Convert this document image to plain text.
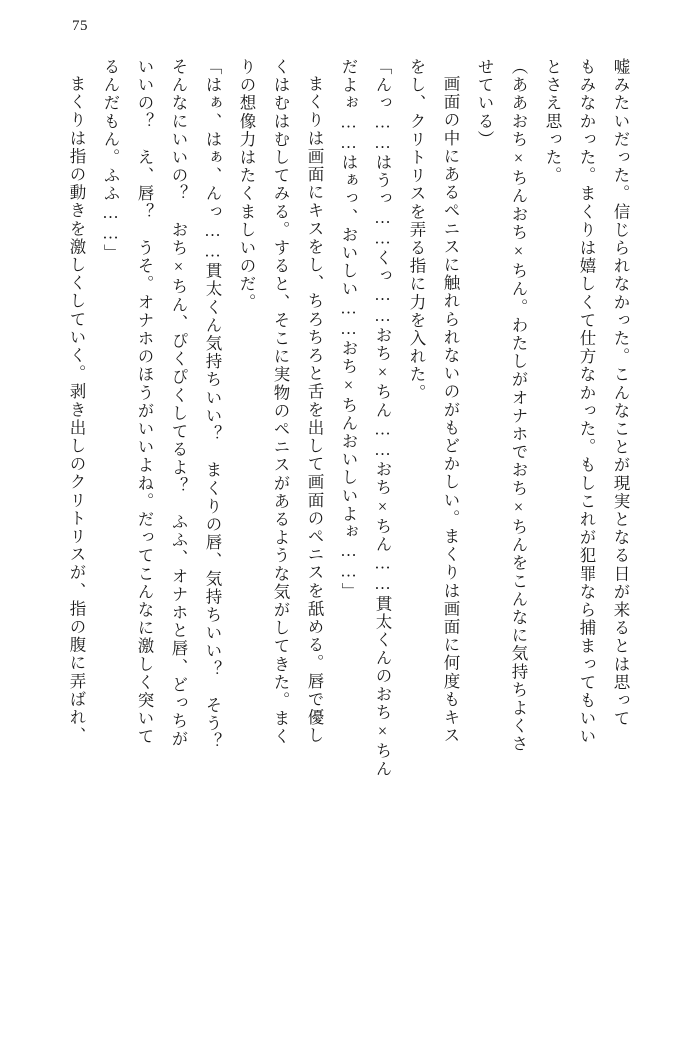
75
嘘みたいだった。信じられなかった。こんなことが現実となる日が来るとは思って
もみなかった。まくりは嬉しくて仕方なかった。もしこれが犯罪なら捕まってもいい
とさえ思った。
（ああおち×ちんおち×ちん。わたしがオナホでおち×ちんをこんなに気持ちよくさ
せている）
画面の中にあるペニスに触れられないのがもどかしい。まくりは画面に何度もキス
をし、クリトリスを弄る指に力を入れた。
「んっ……はうっ……くっ……おち×ちん……おち×ちん……貫太くんのおち×ちん
だよぉ……はぁっ、おいしい……おち×ちんおいしいよぉ……」
まくりは画面にキスをし、ちろちろと舌を出して画面のペニスを舐める。唇で優し
くはむはむしてみる。すると、そこに実物のペニスがあるような気がしてきた。まく
りの想像力はたくましいのだ。
「はぁ、はぁ、んっ……貫太くん気持ちいい？　まくりの唇、気持ちいい？　そう？
そんなにいいの？　おち×ちん、ぴくぴくしてるよ？　ふふ、オナホと唇、どっちが
いいの？　え、唇？　うそ。オナホのほうがいいよね。だってこんなに激しく突いて
るんだもん。ふふ……」
まくりは指の動きを激しくしていく。剥き出しのクリトリスが、指の腹に弄ばれ、
